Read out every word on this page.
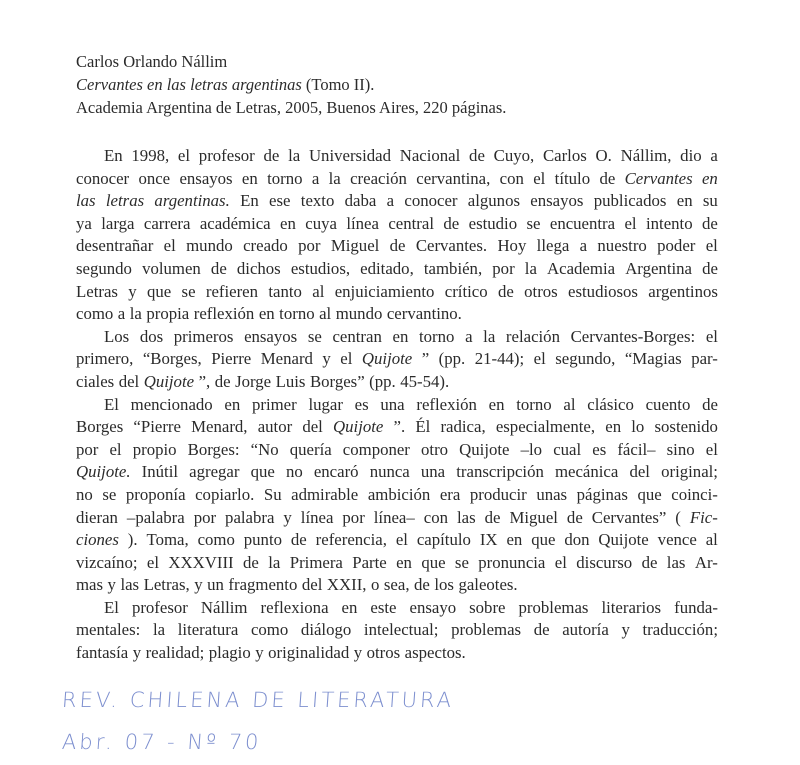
Carlos Orlando Nállim
Cervantes en las letras argentinas (Tomo II).
Academia Argentina de Letras, 2005, Buenos Aires, 220 páginas.
En 1998, el profesor de la Universidad Nacional de Cuyo, Carlos O. Nállim, dio a
conocer once ensayos en torno a la creación cervantina, con el título de Cervantes en
las letras argentinas. En ese texto daba a conocer algunos ensayos publicados en su
ya larga carrera académica en cuya línea central de estudio se encuentra el intento de
desentrañar el mundo creado por Miguel de Cervantes. Hoy llega a nuestro poder el
segundo volumen de dichos estudios, editado, también, por la Academia Argentina de
Letras y que se refieren tanto al enjuiciamiento crítico de otros estudiosos argentinos
como a la propia reflexión en torno al mundo cervantino.
Los dos primeros ensayos se centran en torno a la relación Cervantes-Borges: el
primero, “Borges, Pierre Menard y el Quijote ” (pp. 21-44); el segundo, “Magias par-
ciales del Quijote ”, de Jorge Luis Borges” (pp. 45-54).
El mencionado en primer lugar es una reflexión en torno al clásico cuento de
Borges “Pierre Menard, autor del Quijote ”. Él radica, especialmente, en lo sostenido
por el propio Borges: “No quería componer otro Quijote –lo cual es fácil– sino el
Quijote. Inútil agregar que no encaró nunca una transcripción mecánica del original;
no se proponía copiarlo. Su admirable ambición era producir unas páginas que coinci-
dieran –palabra por palabra y línea por línea– con las de Miguel de Cervantes” ( Fic-
ciones ). Toma, como punto de referencia, el capítulo IX en que don Quijote vence al
vizcaíno; el XXXVIII de la Primera Parte en que se pronuncia el discurso de las Ar-
mas y las Letras, y un fragmento del XXII, o sea, de los galeotes.
El profesor Nállim reflexiona en este ensayo sobre problemas literarios funda-
mentales: la literatura como diálogo intelectual; problemas de autoría y traducción;
fantasía y realidad; plagio y originalidad y otros aspectos.
REV. CHILENA DE LITERATURA
Abr. 07 - Nº 70
